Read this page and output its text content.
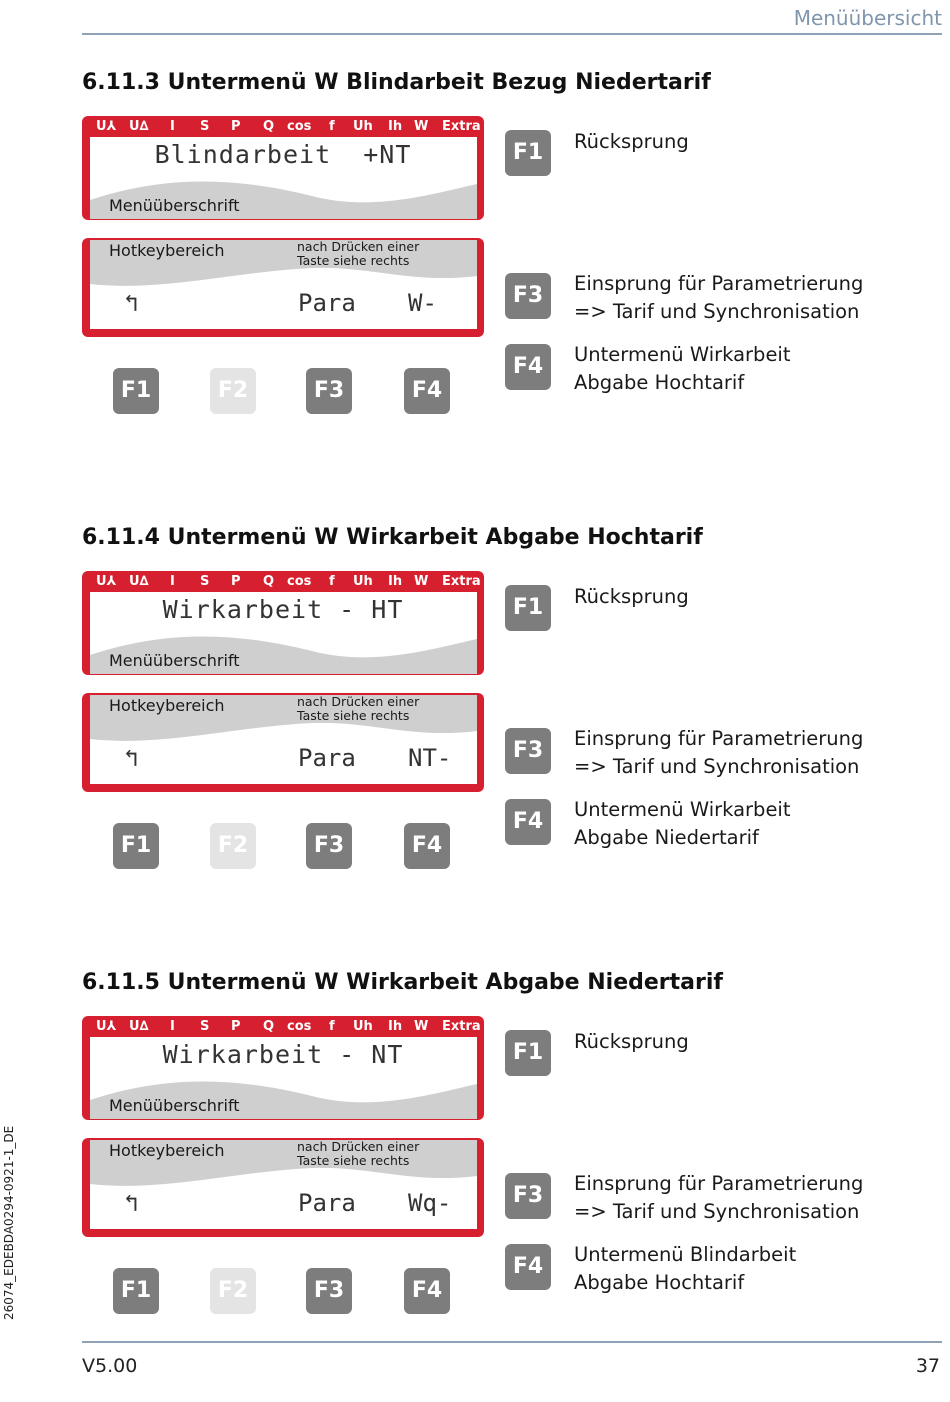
Menüübersicht
6.11.3 Untermenü W Blindarbeit Bezug Niedertarif
U⅄ U∆ I S P Q cos f Uh Ih W Extra
Blindarbeit  +NT
Menüüberschrift
Hotkeybereich	nach Drücken einer
Taste siehe rechts
↰	Para W-
F1	F2	F3	F4
F1	Rücksprung
F3	Einsprung für Parametrierung
=> Tarif und Synchronisation
F4	Untermenü Wirkarbeit
Abgabe Hochtarif
6.11.4 Untermenü W Wirkarbeit Abgabe Hochtarif
U⅄ U∆ I S P Q cos f Uh Ih W Extra
Wirkarbeit - HT
Menüüberschrift
Hotkeybereich	nach Drücken einer
Taste siehe rechts
↰	Para NT-
F1	F2	F3	F4
F1	Rücksprung
F3	Einsprung für Parametrierung
=> Tarif und Synchronisation
F4	Untermenü Wirkarbeit
Abgabe Niedertarif
6.11.5 Untermenü W Wirkarbeit Abgabe Niedertarif
U⅄ U∆ I S P Q cos f Uh Ih W Extra
Wirkarbeit - NT
Menüüberschrift
Hotkeybereich	nach Drücken einer
Taste siehe rechts
↰	Para Wq-
F1	F2	F3	F4
F1	Rücksprung
F3	Einsprung für Parametrierung
=> Tarif und Synchronisation
F4	Untermenü Blindarbeit
Abgabe Hochtarif
26074_EDEBDA0294-0921-1_DE
V5.00	37
